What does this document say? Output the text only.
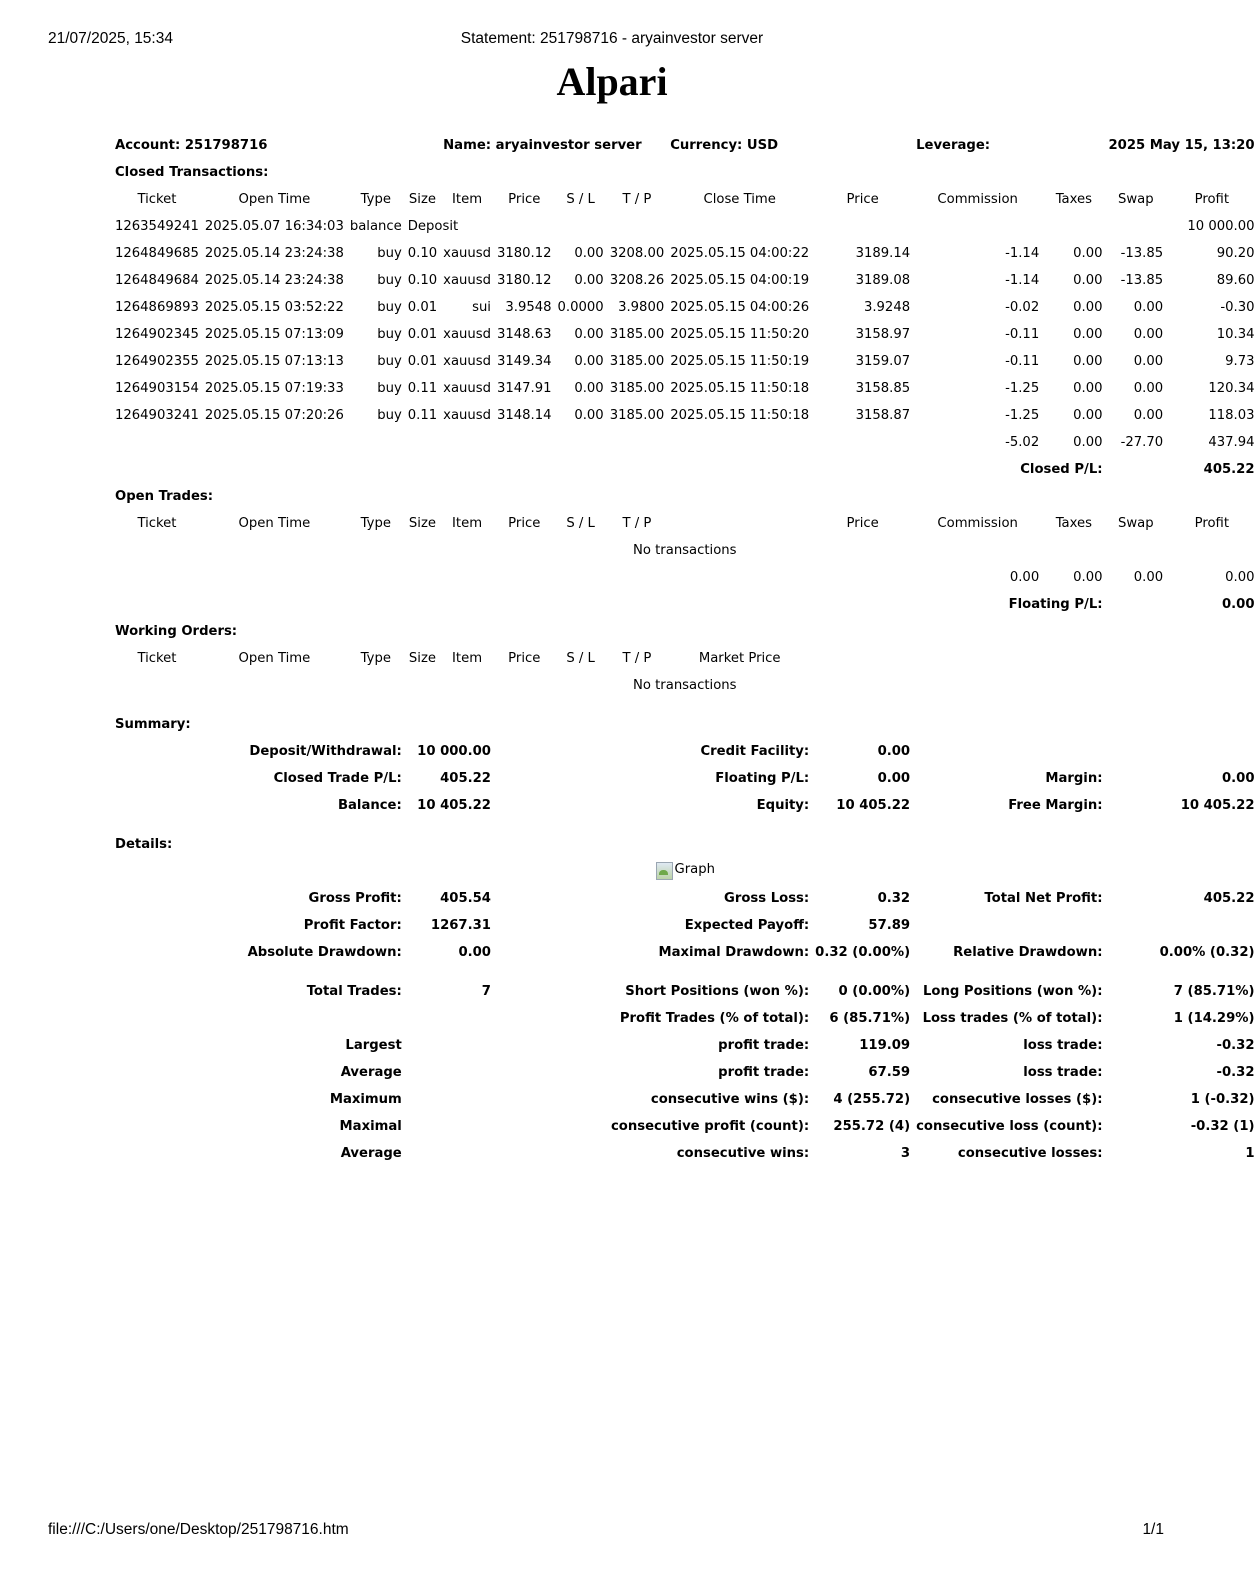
21/07/2025, 15:34	Statement: 251798716 - aryainvestor server
Alpari
Account: 251798716				Name: aryainvestor server				Currency: USD		Leverage:		2025 May 15, 13:20	
Closed Transactions:													
Ticket	Open Time	Type	Size	Item	Price	S / L	T / P	Close Time	Price	Commission	Taxes	Swap	Profit
1263549241	2025.05.07 16:34:03	balance	Deposit										10 000.00
1264849685	2025.05.14 23:24:38	buy	0.10	xauusd	3180.12	0.00	3208.00	2025.05.15 04:00:22	3189.14	-1.14	0.00	-13.85	90.20
1264849684	2025.05.14 23:24:38	buy	0.10	xauusd	3180.12	0.00	3208.26	2025.05.15 04:00:19	3189.08	-1.14	0.00	-13.85	89.60
1264869893	2025.05.15 03:52:22	buy	0.01	sui	3.9548	0.0000	3.9800	2025.05.15 04:00:26	3.9248	-0.02	0.00	0.00	-0.30
1264902345	2025.05.15 07:13:09	buy	0.01	xauusd	3148.63	0.00	3185.00	2025.05.15 11:50:20	3158.97	-0.11	0.00	0.00	10.34
1264902355	2025.05.15 07:13:13	buy	0.01	xauusd	3149.34	0.00	3185.00	2025.05.15 11:50:19	3159.07	-0.11	0.00	0.00	9.73
1264903154	2025.05.15 07:19:33	buy	0.11	xauusd	3147.91	0.00	3185.00	2025.05.15 11:50:18	3158.85	-1.25	0.00	0.00	120.34
1264903241	2025.05.15 07:20:26	buy	0.11	xauusd	3148.14	0.00	3185.00	2025.05.15 11:50:18	3158.87	-1.25	0.00	0.00	118.03
										-5.02	0.00	-27.70	437.94
										Closed P/L:		405.22	
Open Trades:													
Ticket	Open Time	Type	Size	Item	Price	S / L	T / P		Price	Commission	Taxes	Swap	Profit
No transactions													
										0.00	0.00	0.00	0.00
										Floating P/L:		0.00	
Working Orders:													
Ticket	Open Time	Type	Size	Item	Price	S / L	T / P	Market Price					
No transactions													

Summary:													
Deposit/Withdrawal:			10 000.00		Credit Facility:				0.00				
Closed Trade P/L:			405.22		Floating P/L:				0.00	Margin:		0.00	
Balance:			10 405.22		Equity:				10 405.22	Free Margin:		10 405.22	

Details:													

Graph													

Gross Profit:			405.54		Gross Loss:				0.32	Total Net Profit:		405.22	
Profit Factor:			1267.31		Expected Payoff:				57.89				
Absolute Drawdown:			0.00		Maximal Drawdown:				0.32 (0.00%)	Relative Drawdown:		0.00% (0.32)	

Total Trades:			7		Short Positions (won %):				0 (0.00%)	Long Positions (won %):		7 (85.71%)	
					Profit Trades (% of total):				6 (85.71%)	Loss trades (% of total):		1 (14.29%)	
Largest					profit trade:				119.09	loss trade:		-0.32	
Average					profit trade:				67.59	loss trade:		-0.32	
Maximum					consecutive wins ($):				4 (255.72)	consecutive losses ($):		1 (-0.32)	
Maximal					consecutive profit (count):				255.72 (4)	consecutive loss (count):		-0.32 (1)	
Average					consecutive wins:				3	consecutive losses:		1	
file:///C:/Users/one/Desktop/251798716.htm	1/1
